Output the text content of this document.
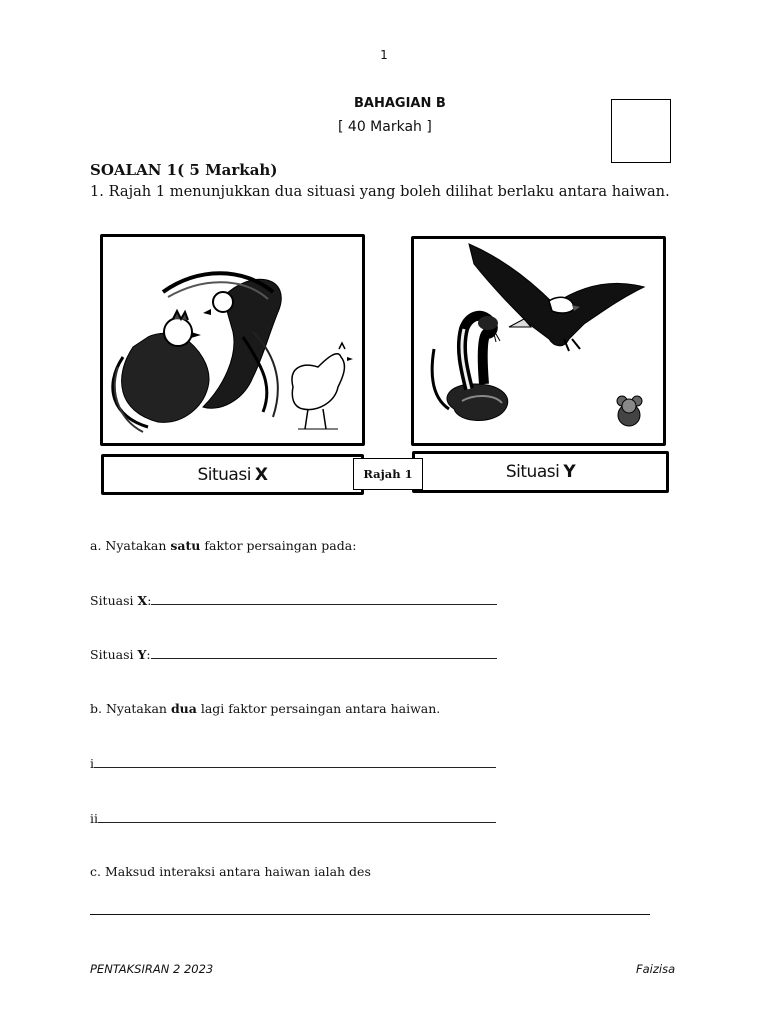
1
BAHAGIAN B
[ 40 Markah ]
SOALAN 1( 5 Markah)
1. Rajah 1 menunjukkan dua situasi yang boleh dilihat berlaku antara haiwan.
Situasi
X	Situasi
Y
Rajah 1
a. Nyatakan satu faktor persaingan pada:
Situasi X:
Situasi Y:
b. Nyatakan dua lagi faktor persaingan antara haiwan.
i
ii
c. Maksud interaksi antara haiwan ialah des
PENTAKSIRAN 2 2023	Faizisa
